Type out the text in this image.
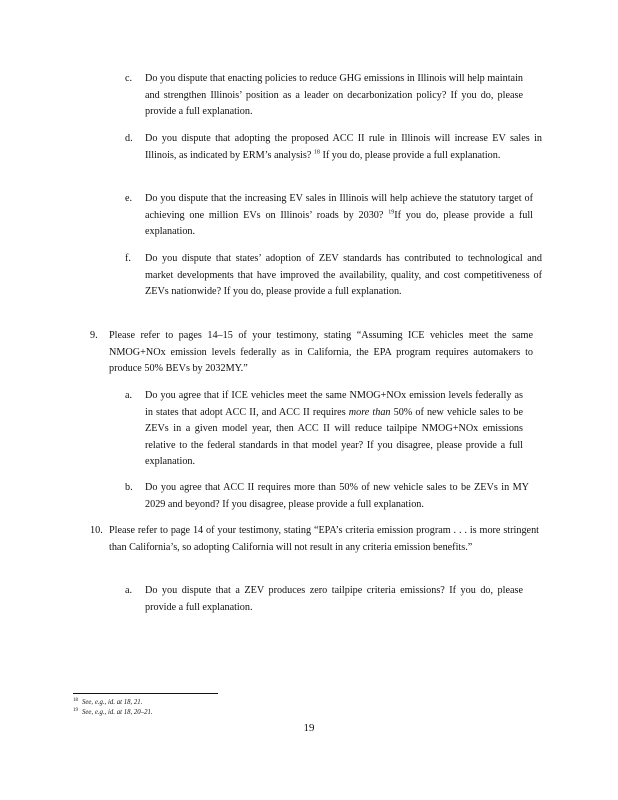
c. Do you dispute that enacting policies to reduce GHG emissions in Illinois will help maintain and strengthen Illinois’ position as a leader on decarbonization policy? If you do, please provide a full explanation.
d. Do you dispute that adopting the proposed ACC II rule in Illinois will increase EV sales in Illinois, as indicated by ERM’s analysis? $^{18}$ If you do, please provide a full explanation.
e. Do you dispute that the increasing EV sales in Illinois will help achieve the statutory target of achieving one million EVs on Illinois’ roads by 2030? $^{19}$If you do, please provide a full explanation.
f. Do you dispute that states’ adoption of ZEV standards has contributed to technological and market developments that have improved the availability, quality, and cost competitiveness of ZEVs nationwide? If you do, please provide a full explanation.
9. Please refer to pages 14–15 of your testimony, stating “Assuming ICE vehicles meet the same NMOG+NOx emission levels federally as in California, the EPA program requires automakers to produce 50% BEVs by 2032MY.”
a. Do you agree that if ICE vehicles meet the same NMOG+NOx emission levels federally as in states that adopt ACC II, and ACC II requires more than 50% of new vehicle sales to be ZEVs in a given model year, then ACC II will reduce tailpipe NMOG+NOx emissions relative to the federal standards in that model year? If you disagree, please provide a full explanation.
b. Do you agree that ACC II requires more than 50% of new vehicle sales to be ZEVs in MY 2029 and beyond? If you disagree, please provide a full explanation.
10. Please refer to page 14 of your testimony, stating “EPA’s criteria emission program . . . is more stringent than California’s, so adopting California will not result in any criteria emission benefits.”
a. Do you dispute that a ZEV produces zero tailpipe criteria emissions? If you do, please provide a full explanation.
$^{18}$ See, e.g., id. at 18, 21.
$^{19}$ See, e.g., id. at 18, 20–21.
19
